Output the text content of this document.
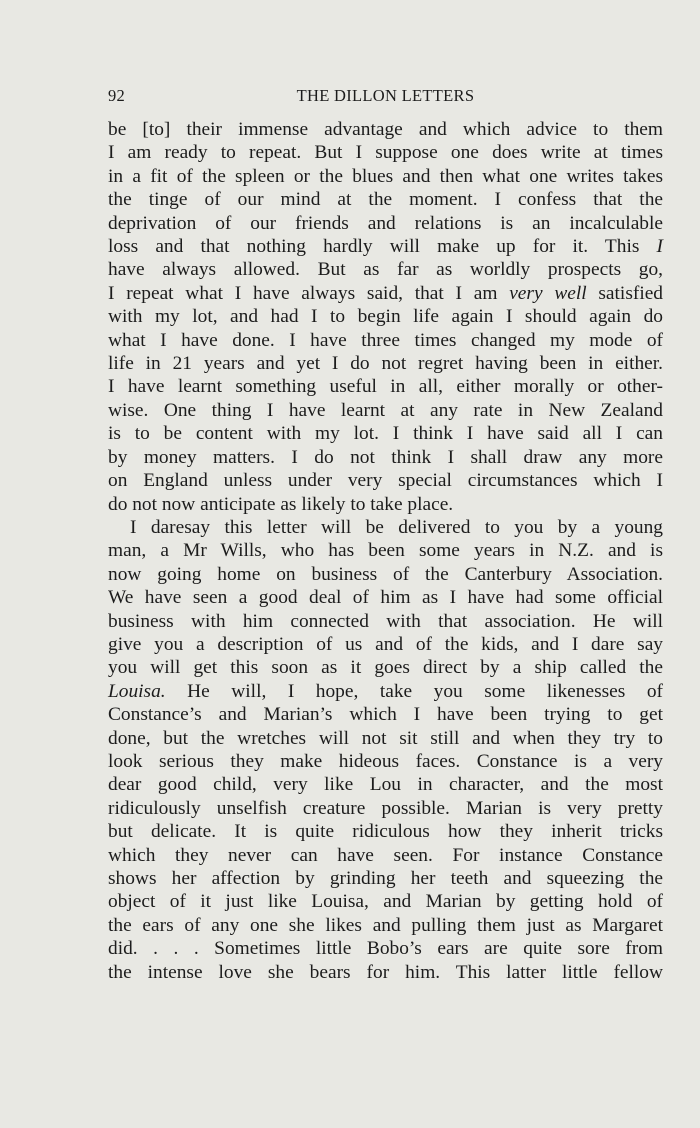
92	THE DILLON LETTERS
be [to] their immense advantage and which advice to them
I am ready to repeat. But I suppose one does write at times
in a fit of the spleen or the blues and then what one writes takes
the tinge of our mind at the moment. I confess that the
deprivation of our friends and relations is an incalculable
loss and that nothing hardly will make up for it. This I
have always allowed. But as far as worldly prospects go,
I repeat what I have always said, that I am very well satisfied
with my lot, and had I to begin life again I should again do
what I have done. I have three times changed my mode of
life in 21 years and yet I do not regret having been in either.
I have learnt something useful in all, either morally or other-
wise. One thing I have learnt at any rate in New Zealand
is to be content with my lot. I think I have said all I can
by money matters. I do not think I shall draw any more
on England unless under very special circumstances which I
do not now anticipate as likely to take place.
I daresay this letter will be delivered to you by a young
man, a Mr Wills, who has been some years in N.Z. and is
now going home on business of the Canterbury Association.
We have seen a good deal of him as I have had some official
business with him connected with that association. He will
give you a description of us and of the kids, and I dare say
you will get this soon as it goes direct by a ship called the
Louisa. He will, I hope, take you some likenesses of
Constance’s and Marian’s which I have been trying to get
done, but the wretches will not sit still and when they try to
look serious they make hideous faces. Constance is a very
dear good child, very like Lou in character, and the most
ridiculously unselfish creature possible. Marian is very pretty
but delicate. It is quite ridiculous how they inherit tricks
which they never can have seen. For instance Constance
shows her affection by grinding her teeth and squeezing the
object of it just like Louisa, and Marian by getting hold of
the ears of any one she likes and pulling them just as Margaret
did. . . . Sometimes little Bobo’s ears are quite sore from
the intense love she bears for him. This latter little fellow
